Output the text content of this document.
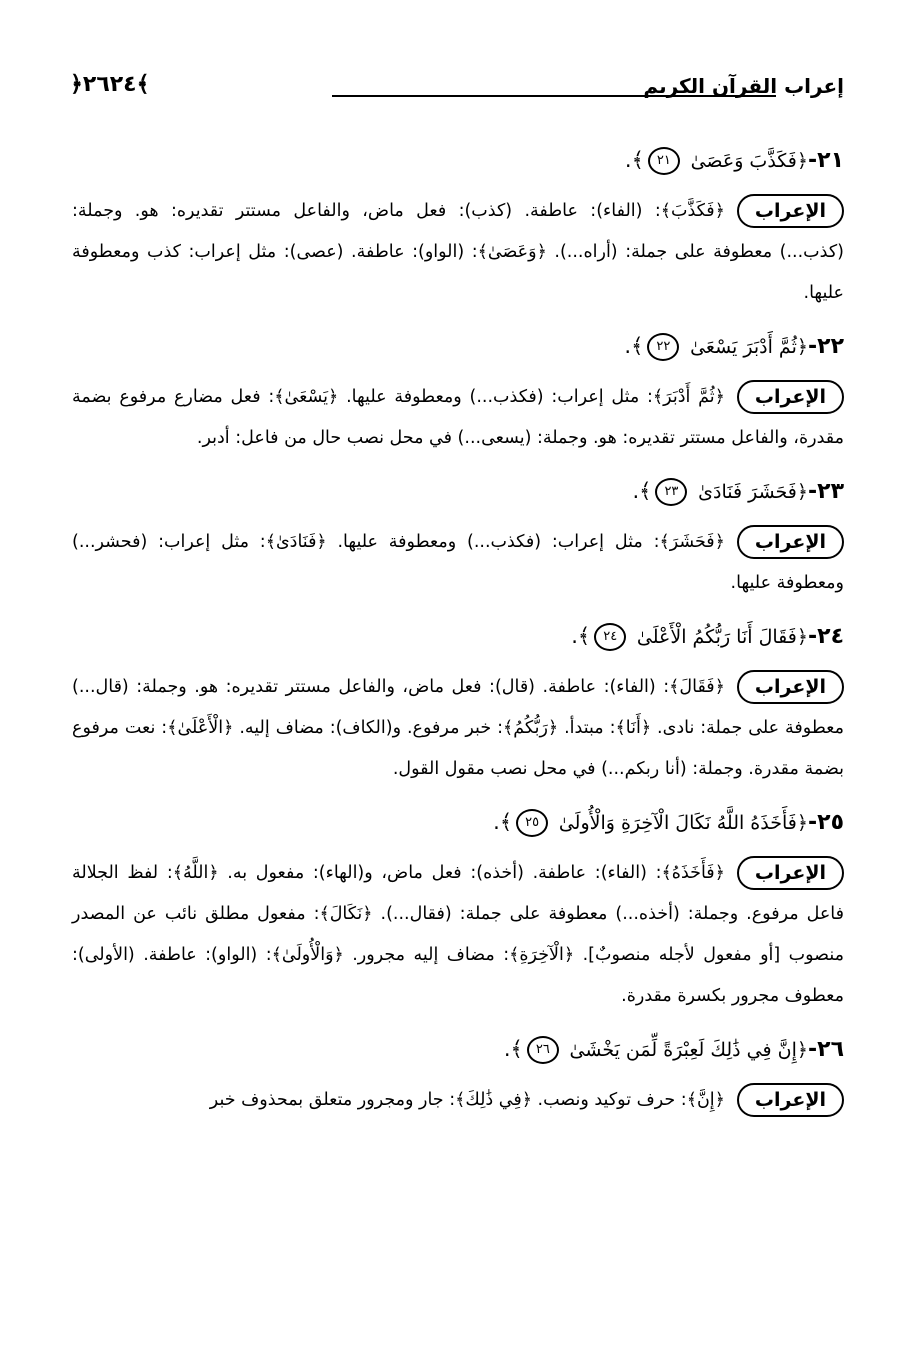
﴿٢٦٢٤﴾	إعراب القرآن الكريم
٢١-﴿فَكَذَّبَ وَعَصَىٰ ٢١﴾.
الإعراب﴿فَكَذَّبَ﴾: (الفاء): عاطفة. (كذب): فعل ماض، والفاعل مستتر تقديره: هو. وجملة: (كذب...) معطوفة على جملة: (أراه...). ﴿وَعَصَىٰ﴾: (الواو): عاطفة. (عصى): مثل إعراب: كذب ومعطوفة عليها.
٢٢-﴿ثُمَّ أَدْبَرَ يَسْعَىٰ ٢٢﴾.
الإعراب﴿ثُمَّ أَدْبَرَ﴾: مثل إعراب: (فكذب...) ومعطوفة عليها. ﴿يَسْعَىٰ﴾: فعل مضارع مرفوع بضمة مقدرة، والفاعل مستتر تقديره: هو. وجملة: (يسعى...) في محل نصب حال من فاعل: أدبر.
٢٣-﴿فَحَشَرَ فَنَادَىٰ ٢٣﴾.
الإعراب﴿فَحَشَرَ﴾: مثل إعراب: (فكذب...) ومعطوفة عليها. ﴿فَنَادَىٰ﴾: مثل إعراب: (فحشر...) ومعطوفة عليها.
٢٤-﴿فَقَالَ أَنَا رَبُّكُمُ الْأَعْلَىٰ ٢٤﴾.
الإعراب﴿فَقَالَ﴾: (الفاء): عاطفة. (قال): فعل ماض، والفاعل مستتر تقديره: هو. وجملة: (قال...) معطوفة على جملة: نادى. ﴿أَنَا﴾: مبتدأ. ﴿رَبُّكُمُ﴾: خبر مرفوع. و(الكاف): مضاف إليه. ﴿الْأَعْلَىٰ﴾: نعت مرفوع بضمة مقدرة. وجملة: (أنا ربكم...) في محل نصب مقول القول.
٢٥-﴿فَأَخَذَهُ اللَّهُ نَكَالَ الْآخِرَةِ وَالْأُولَىٰ ٢٥﴾.
الإعراب﴿فَأَخَذَهُ﴾: (الفاء): عاطفة. (أخذه): فعل ماض، و(الهاء): مفعول به. ﴿اللَّهُ﴾: لفظ الجلالة فاعل مرفوع. وجملة: (أخذه...) معطوفة على جملة: (فقال...). ﴿نَكَالَ﴾: مفعول مطلق نائب عن المصدر منصوب [أو مفعول لأجله منصوبٌ]. ﴿الْآخِرَةِ﴾: مضاف إليه مجرور. ﴿وَالْأُولَىٰ﴾: (الواو): عاطفة. (الأولى): معطوف مجرور بكسرة مقدرة.
٢٦-﴿إِنَّ فِي ذَٰلِكَ لَعِبْرَةً لِّمَن يَخْشَىٰ ٢٦﴾.
الإعراب﴿إِنَّ﴾: حرف توكيد ونصب. ﴿فِي ذَٰلِكَ﴾: جار ومجرور متعلق بمحذوف خبر
